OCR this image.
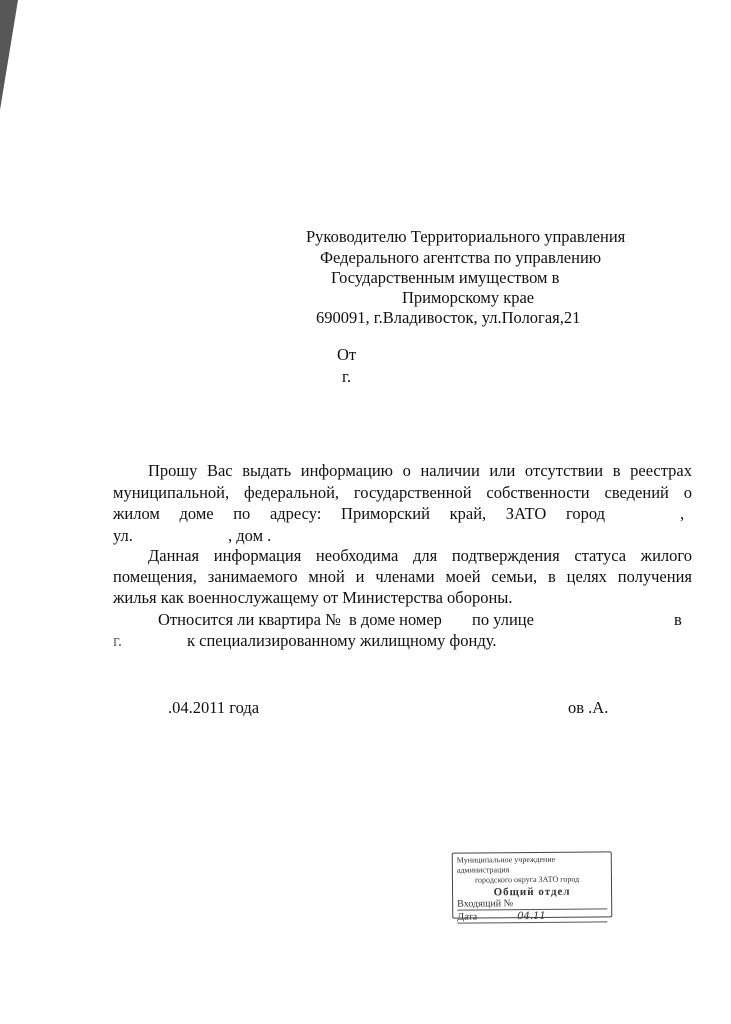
Руководителю Территориального управления
Федерального агентства по управлению
Государственным имуществом в
Приморскому крае
690091, г.Владивосток, ул.Пологая,21
От
г.
Прошу Вас выдать информацию о наличии или отсутствии в реестрах
муниципальной, федеральной, государственной собственности сведений о
жилом доме по адресу: Приморский край, ЗАТО город	,
ул.	, дом .
Данная информация необходима для подтверждения статуса жилого
помещения, занимаемого мной и членами моей семьи, в целях получения
жилья как военнослужащему от Министерства обороны.
Относится ли квартира № в доме номер по улице	в
г.	к специализированному жилищному фонду.
.04.2011 года	ов .А.
Муниципальное учреждение администрация
городского округа ЗАТО город
Общий отдел
Входящий №
Дата	04.11
